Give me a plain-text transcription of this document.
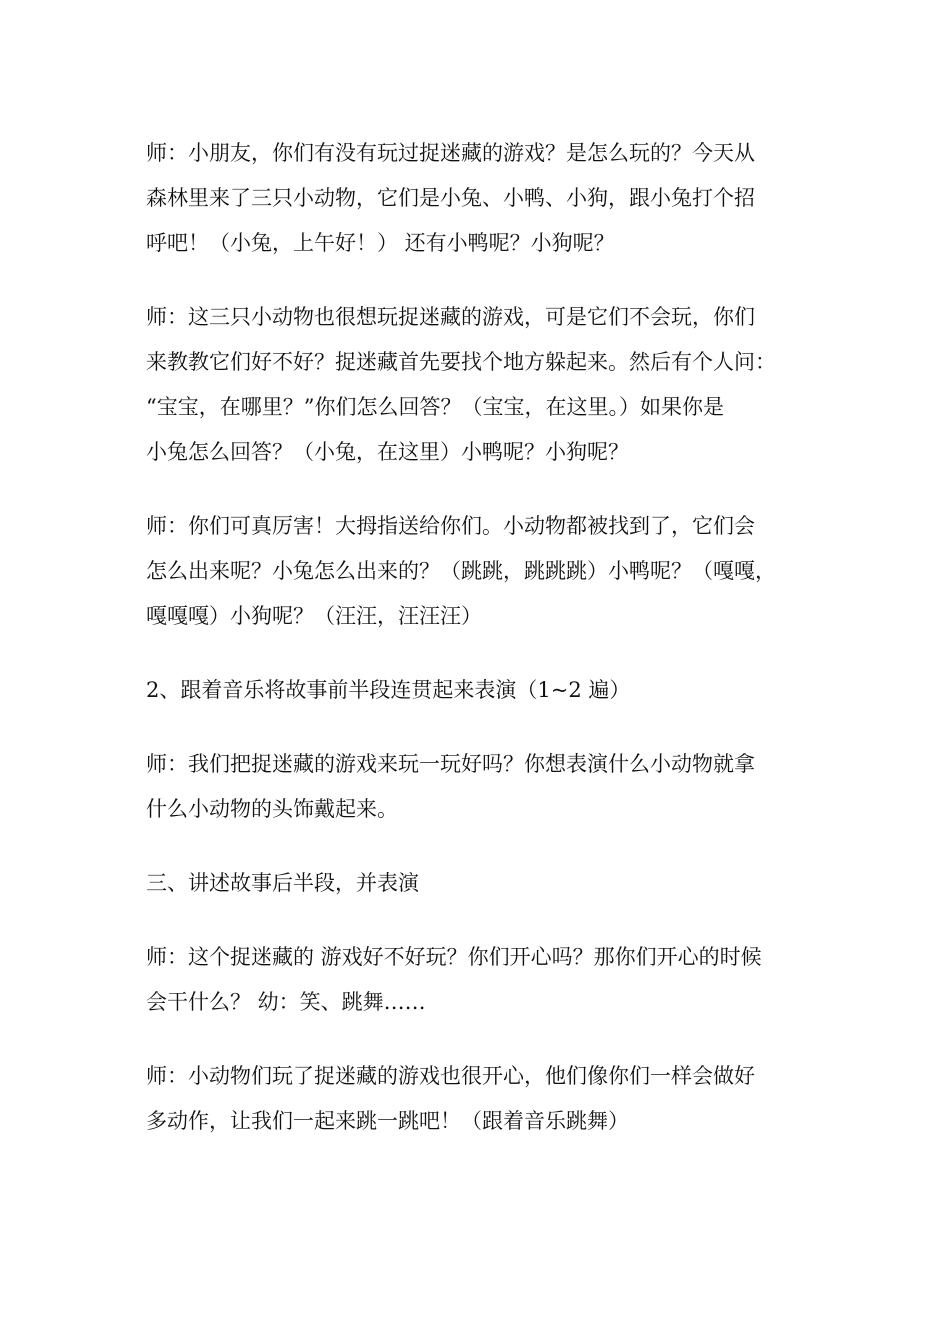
师：小朋友，你们有没有玩过捉迷藏的游戏？是怎么玩的？今天从
森林里来了三只小动物，它们是小兔、小鸭、小狗，跟小兔打个招
呼吧！（小兔，上午好！） 还有小鸭呢？小狗呢？

师：这三只小动物也很想玩捉迷藏的游戏，可是它们不会玩，你们
来教教它们好不好？捉迷藏首先要找个地方躲起来。然后有个人问：
“宝宝，在哪里？”你们怎么回答？（宝宝，在这里。）如果你是
小兔怎么回答？（小兔，在这里）小鸭呢？小狗呢？

师：你们可真厉害！大拇指送给你们。小动物都被找到了，它们会
怎么出来呢？小兔怎么出来的？（跳跳，跳跳跳）小鸭呢？（嘎嘎，
嘎嘎嘎）小狗呢？（汪汪，汪汪汪）

2、跟着音乐将故事前半段连贯起来表演（1~2 遍）

师：我们把捉迷藏的游戏来玩一玩好吗？你想表演什么小动物就拿
什么小动物的头饰戴起来。

三、讲述故事后半段，并表演

师：这个捉迷藏的 游戏好不好玩？你们开心吗？那你们开心的时候
会干什么？ 幼：笑、跳舞……

师：小动物们玩了捉迷藏的游戏也很开心，他们像你们一样会做好
多动作，让我们一起来跳一跳吧！（跟着音乐跳舞）
